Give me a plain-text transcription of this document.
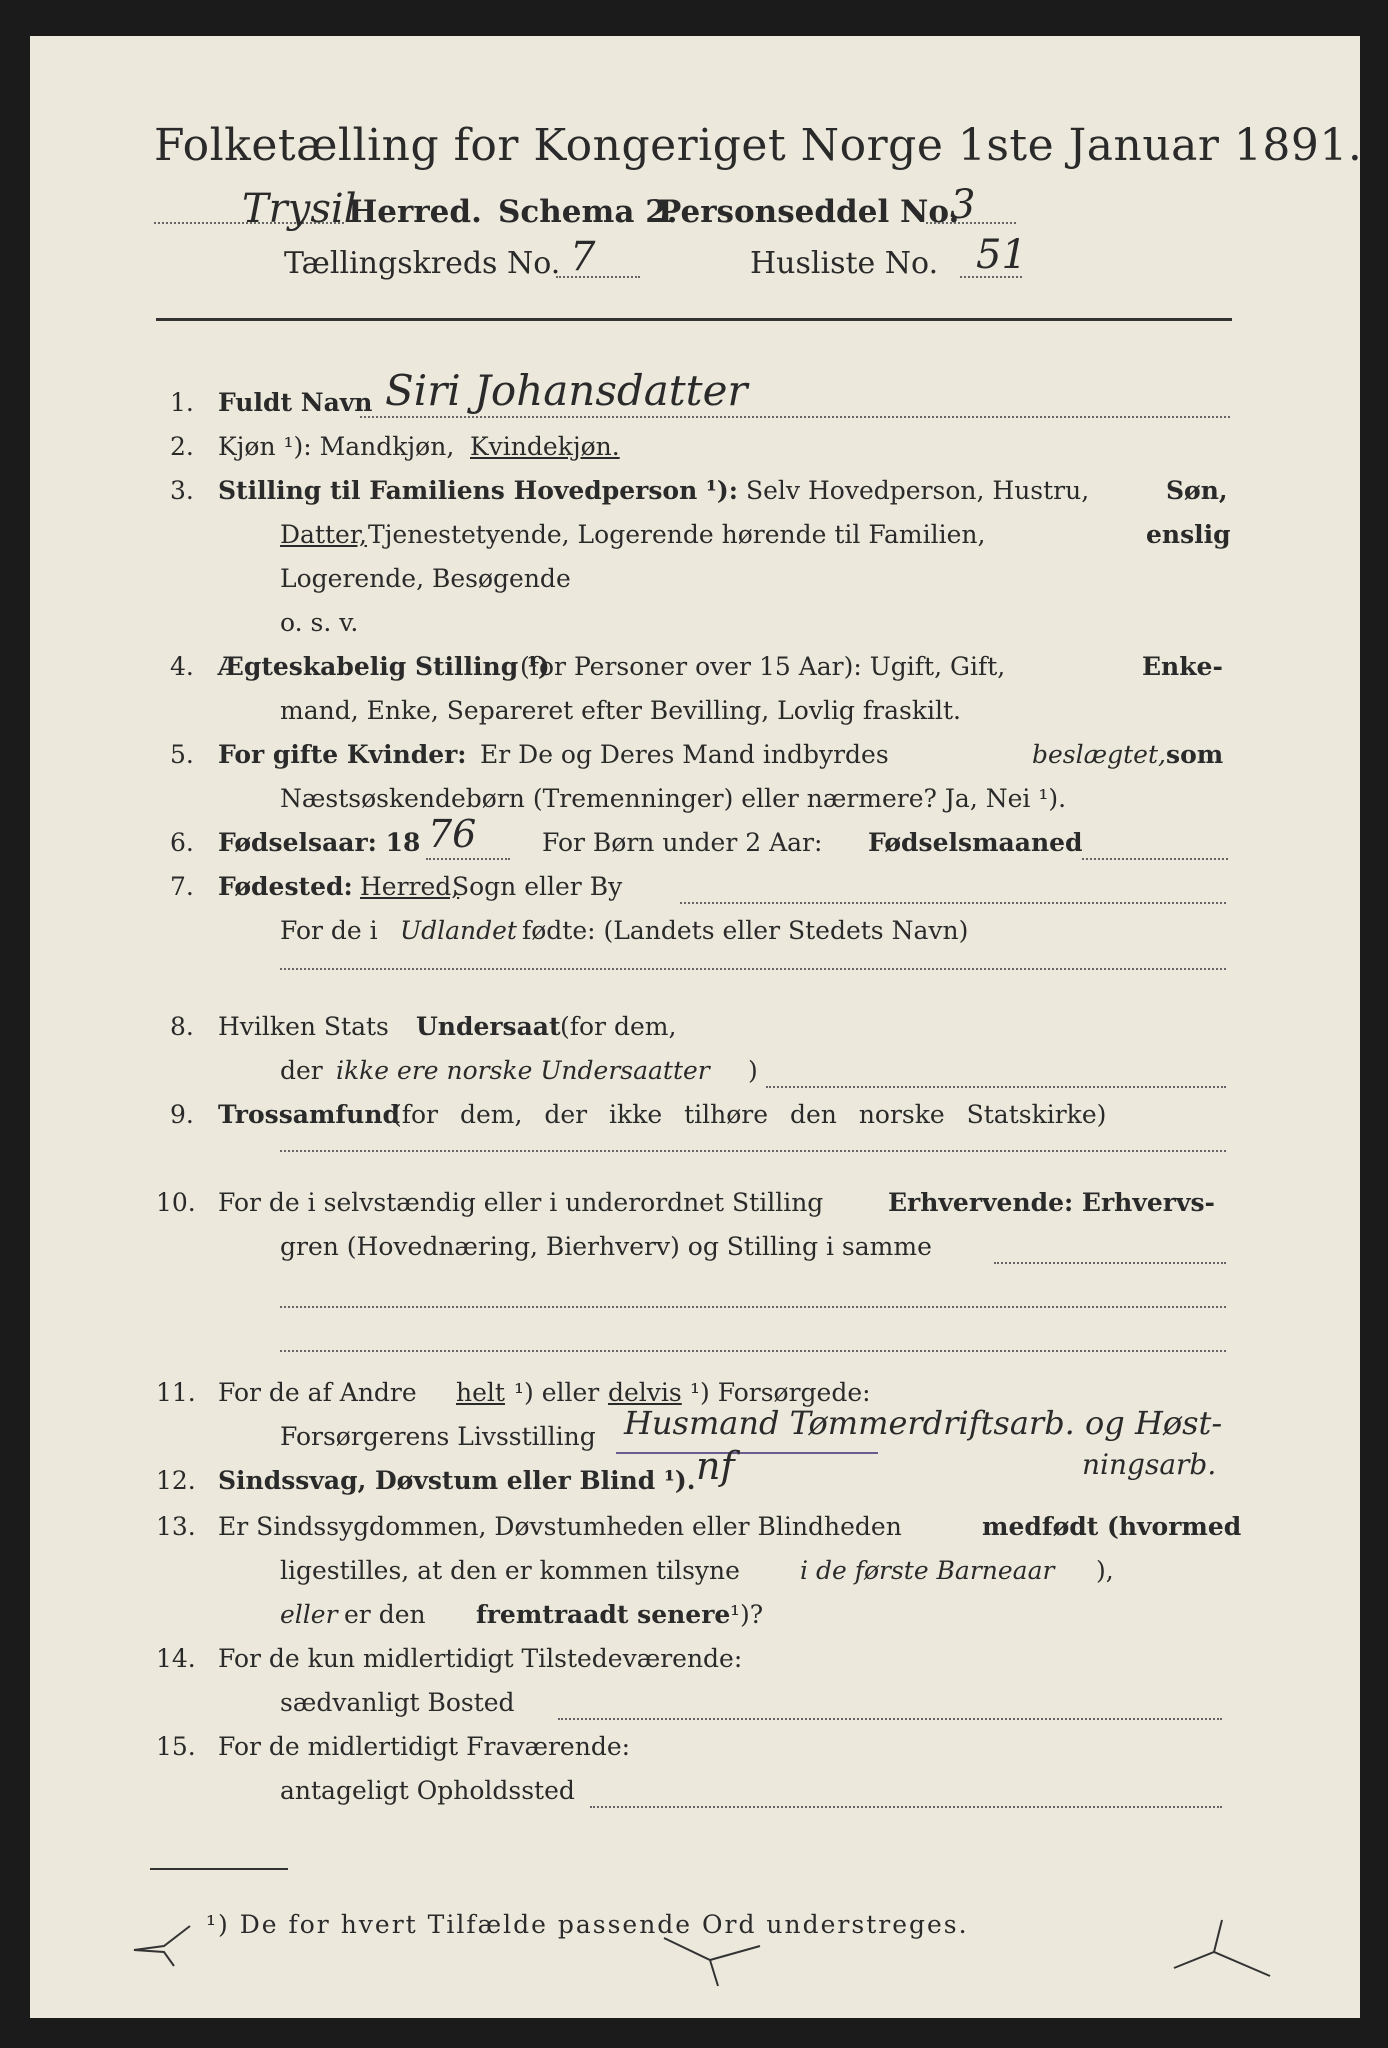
Folketælling for Kongeriget Norge 1ste Januar 1891.
Trysil
Herred. Schema 2.
Personseddel No.
3
Tællingskreds No. 7	Husliste No. 51
1. Fuldt Navn Siri Johansdatter
2. Kjøn ¹): Mandkjøn, Kvindekjøn.
3. Stilling til Familiens Hovedperson ¹): Selv Hovedperson, Hustru,	Søn,
Datter, Tjenestetyende, Logerende hørende til Familien,	enslig
Logerende, Besøgende
o. s. v.
4. Ægteskabelig Stilling ¹)
(for Personer over 15 Aar): Ugift, Gift,	Enke-
mand, Enke, Separeret efter Bevilling, Lovlig fraskilt.
5. For gifte Kvinder: Er De og Deres Mand indbyrdes	beslægtet, som
Næstsøskendebørn (Tremenninger) eller nærmere? Ja, Nei ¹).
6. Fødselsaar: 18 76	For Børn under 2 Aar: Fødselsmaaned
7. Fødested: Herred,
Sogn eller By
For de i Udlandet fødte: (Landets eller Stedets Navn)
8. Hvilken Stats Undersaat (for dem,
der ikke ere norske Undersaatter )
9. Trossamfund
(for dem, der ikke tilhøre den norske Statskirke)
10. For de i selvstændig eller i underordnet Stilling	Erhvervende: Erhvervs-
gren (Hovednæring, Bierhverv) og Stilling i samme
11. For de af Andre helt ¹) eller delvis ¹) Forsørgede:
Forsørgerens Livsstilling Husmand Tømmerdriftsarb. og Høst-
ningsarb.
12. Sindssvag, Døvstum eller Blind ¹). nf
13. Er Sindssygdommen, Døvstumheden eller Blindheden	medfødt (hvormed
ligestilles, at den er kommen tilsyne i de første Barneaar ),
eller er den fremtraadt senere ¹)?
14. For de kun midlertidigt Tilstedeværende:
sædvanligt Bosted
15. For de midlertidigt Fraværende:
antageligt Opholdssted
¹) De for hvert Tilfælde passende Ord understreges.
